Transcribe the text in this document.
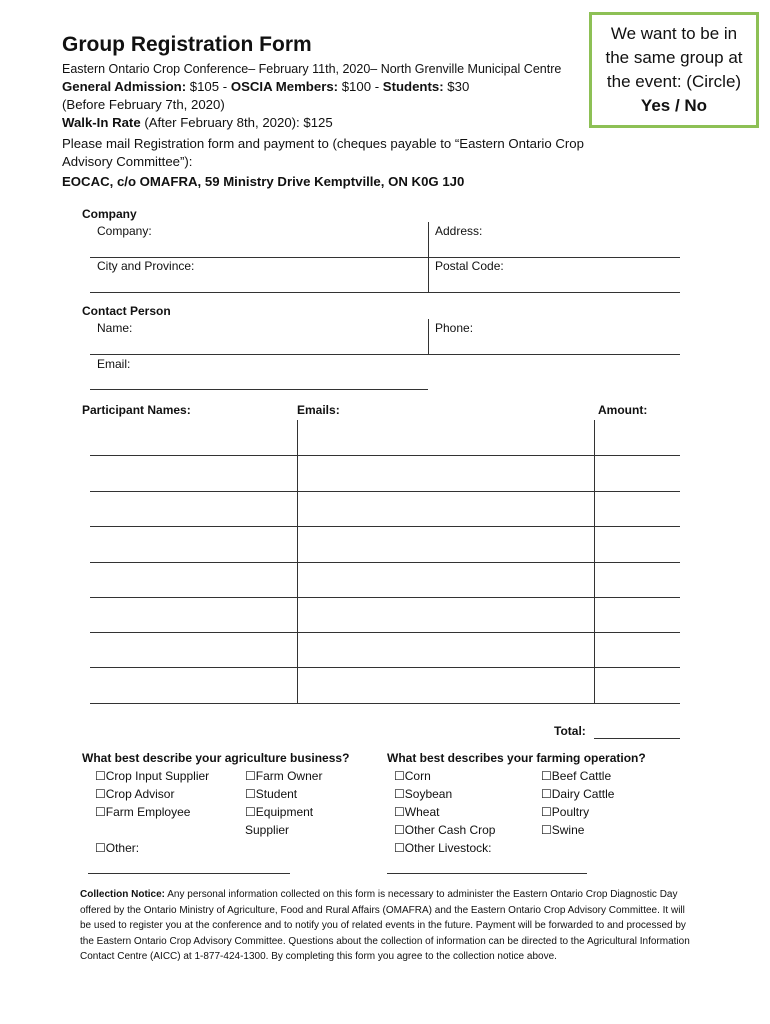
Group Registration Form
Eastern Ontario Crop Conference– February 11th, 2020– North Grenville Municipal Centre
General Admission: $105 - OSCIA Members: $100 - Students: $30
(Before February 7th, 2020)
Walk-In Rate (After February 8th, 2020): $125
Please mail Registration form and payment to (cheques payable to “Eastern Ontario Crop
Advisory Committee”):
EOCAC, c/o OMAFRA, 59 Ministry Drive Kemptville, ON K0G 1J0
We want to be in
the same group at
the event: (Circle)
Yes / No
Company
Company:	Address:
City and Province:	Postal Code:
Contact Person
Name:	Phone:
Email:
Participant Names:	Emails:	Amount:
Total:
What best describe your agriculture business?
☐Crop Input Supplier
☐Crop Advisor
☐Farm Employee
☐Farm Owner
☐Student
☐Equipment
Supplier
☐Other:
What best describes your farming operation?
☐Corn
☐Soybean
☐Wheat
☐Other Cash Crop
☐Other Livestock:
☐Beef Cattle
☐Dairy Cattle
☐Poultry
☐Swine
Collection Notice: Any personal information collected on this form is necessary to administer the Eastern Ontario Crop Diagnostic Day offered by the Ontario Ministry of Agriculture, Food and Rural Affairs (OMAFRA) and the Eastern Ontario Crop Advisory Committee. It will be used to register you at the conference and to notify you of related events in the future. Payment will be forwarded to and processed by the Eastern Ontario Crop Advisory Committee. Questions about the collection of information can be directed to the Agricultural Information Contact Centre (AICC) at 1-877-424-1300. By completing this form you agree to the collection notice above.
